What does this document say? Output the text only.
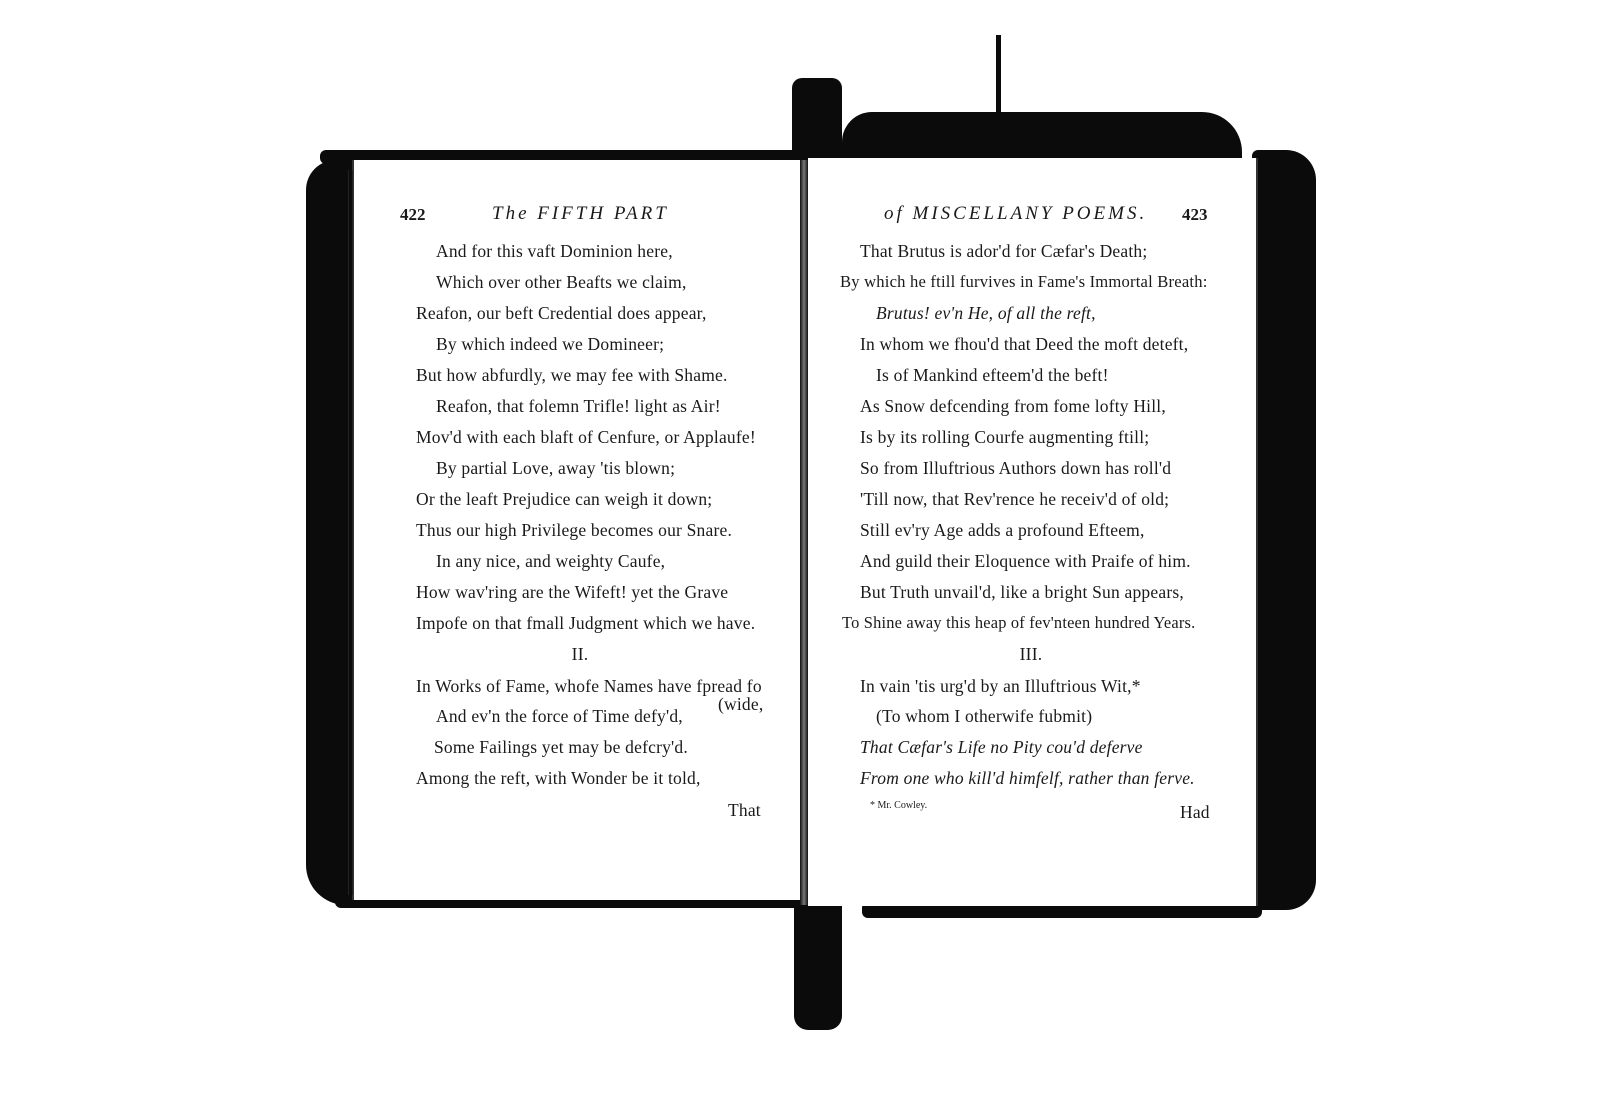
422	The FIFTH PART
And for this vaft Dominion here,
Which over other Beafts we claim,
Reafon, our beft Credential does appear,
By which indeed we Domineer;
But how abfurdly, we may fee with Shame.
Reafon, that folemn Trifle! light as Air!
Mov'd with each blaft of Cenfure, or Applaufe!
By partial Love, away 'tis blown;
Or the leaft Prejudice can weigh it down;
Thus our high Privilege becomes our Snare.
In any nice, and weighty Caufe,
How wav'ring are the Wifeft! yet the Grave
Impofe on that fmall Judgment which we have.
II.
In Works of Fame, whofe Names have fpread fo
And ev'n the force of Time defy'd,
(wide,
Some Failings yet may be defcry'd.
Among the reft, with Wonder be it told,
That
of MISCELLANY POEMS. 423
That Brutus is ador'd for Cæfar's Death;
By which he ftill furvives in Fame's Immortal Breath:
Brutus! ev'n He, of all the reft,
In whom we fhou'd that Deed the moft deteft,
Is of Mankind efteem'd the beft!
As Snow defcending from fome lofty Hill,
Is by its rolling Courfe augmenting ftill;
So from Illuftrious Authors down has roll'd
'Till now, that Rev'rence he receiv'd of old;
Still ev'ry Age adds a profound Efteem,
And guild their Eloquence with Praife of him.
But Truth unvail'd, like a bright Sun appears,
To Shine away this heap of fev'nteen hundred Years.
III.
In vain 'tis urg'd by an Illuftrious Wit,*
(To whom I otherwife fubmit)
That Cæfar's Life no Pity cou'd deferve
From one who kill'd himfelf, rather than ferve.
* Mr. Cowley.	Had
